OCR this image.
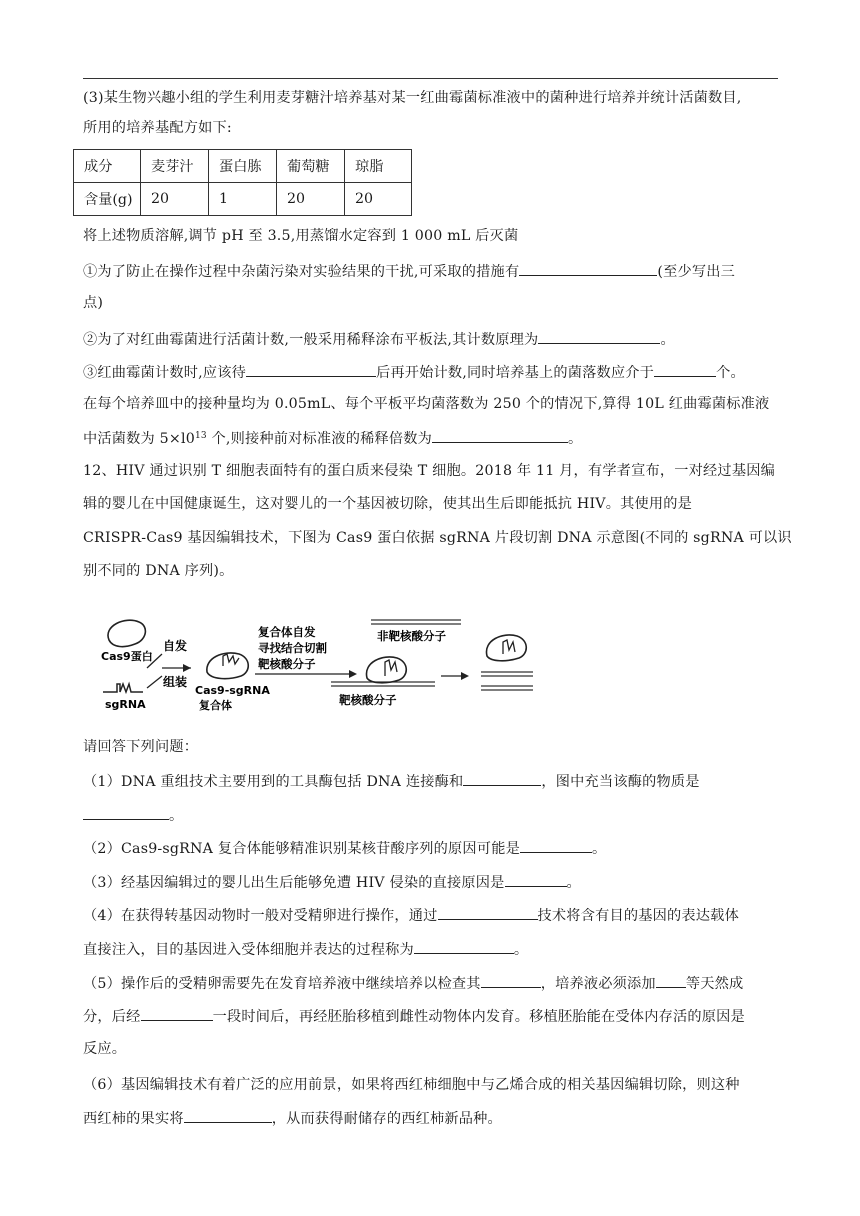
(3)某生物兴趣小组的学生利用麦芽糖汁培养基对某一红曲霉菌标准液中的菌种进行培养并统计活菌数目,
所用的培养基配方如下:
成分	麦芽汁	蛋白胨	葡萄糖	琼脂
含量(g)	20	1	20	20
将上述物质溶解,调节 pH 至 3.5,用蒸馏水定容到 1 000 mL 后灭菌
①为了防止在操作过程中杂菌污染对实验结果的干扰,可采取的措施有	(至少写出三
点)
②为了对红曲霉菌进行活菌计数,一般采用稀释涂布平板法,其计数原理为	。
③红曲霉菌计数时,应该待	后再开始计数,同时培养基上的菌落数应介于	个。
在每个培养皿中的接种量均为 0.05mL、每个平板平均菌落数为 250 个的情况下,算得 10L 红曲霉菌标准液
中活菌数为 $5\times l0^{13}$ 个,则接种前对标准液的稀释倍数为	。
12、HIV 通过识别 T 细胞表面特有的蛋白质来侵染 T 细胞。2018 年 11 月，有学者宣布，一对经过基因编
辑的婴儿在中国健康诞生，这对婴儿的一个基因被切除，使其出生后即能抵抗 HIV。其使用的是
CRISPR-Cas9 基因编辑技术，下图为 Cas9 蛋白依据 sgRNA 片段切割 DNA 示意图(不同的 sgRNA 可以识
别不同的 DNA 序列)。
Cas9蛋白
sgRNA
自发
组装
Cas9-sgRNA
复合体
复合体自发
寻找结合切割
靶核酸分子
非靶核酸分子
靶核酸分子
请回答下列问题：
（1）DNA 重组技术主要用到的工具酶包括 DNA 连接酶和	，图中充当该酶的物质是
。
（2）Cas9-sgRNA 复合体能够精准识别某核苷酸序列的原因可能是	。
（3）经基因编辑过的婴儿出生后能够免遭 HIV 侵染的直接原因是	。
（4）在获得转基因动物时一般对受精卵进行操作，通过	技术将含有目的基因的表达载体
直接注入，目的基因进入受体细胞并表达的过程称为	。
（5）操作后的受精卵需要先在发育培养液中继续培养以检查其	，培养液必须添加 等天然成
分，后经	一段时间后，再经胚胎移植到雌性动物体内发育。移植胚胎能在受体内存活的原因是
反应。
（6）基因编辑技术有着广泛的应用前景，如果将西红柿细胞中与乙烯合成的相关基因编辑切除，则这种
西红柿的果实将	，从而获得耐储存的西红柿新品种。
